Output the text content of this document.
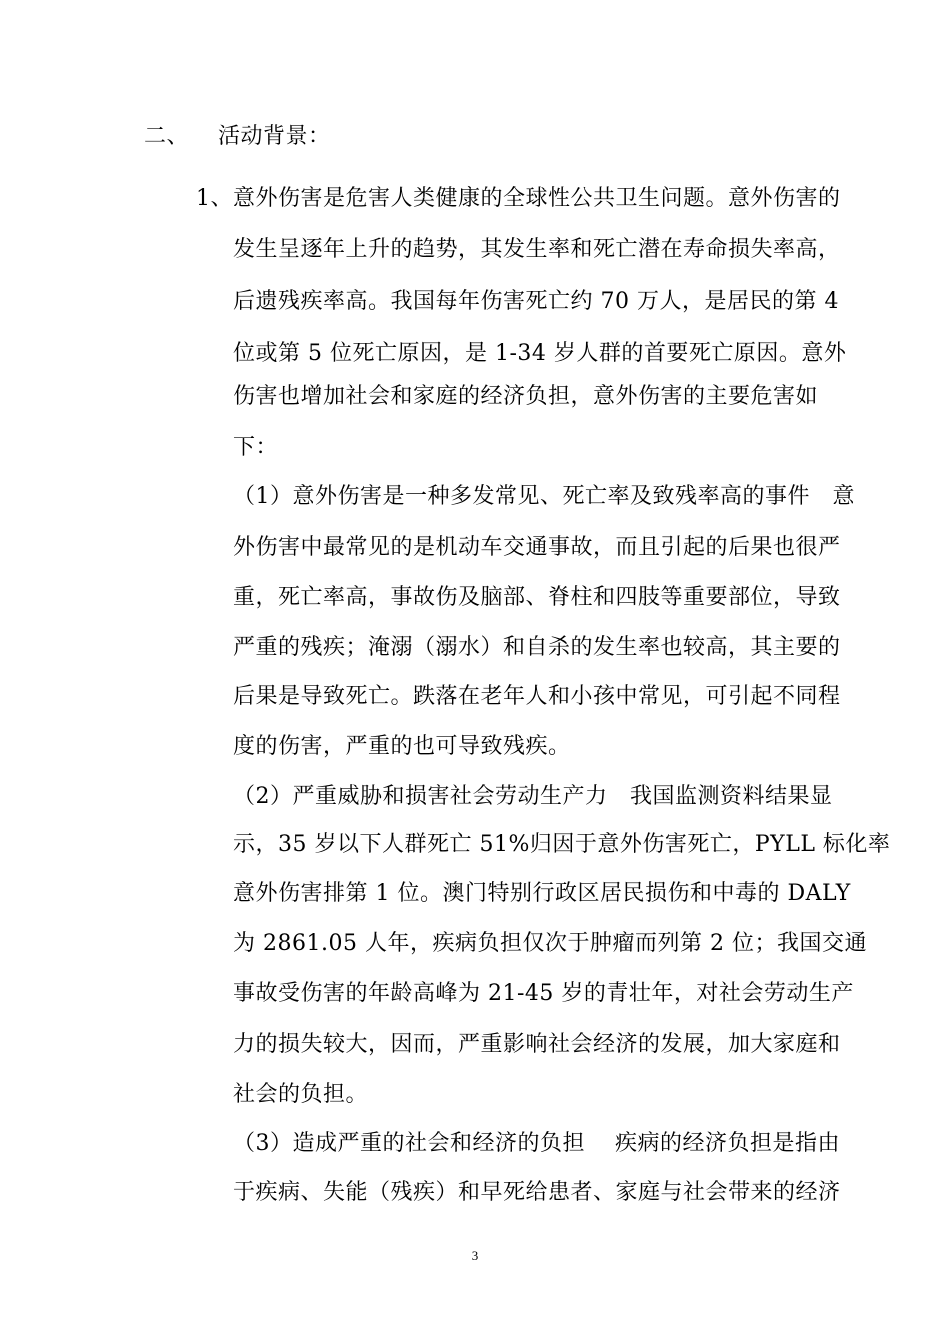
二、 活动背景：
1、 意外伤害是危害人类健康的全球性公共卫生问题。意外伤害的
发生呈逐年上升的趋势，其发生率和死亡潜在寿命损失率高，
后遗残疾率高。我国每年伤害死亡约 70 万人，是居民的第 4
位或第 5 位死亡原因，是 1-34 岁人群的首要死亡原因。意外
伤害也增加社会和家庭的经济负担，意外伤害的主要危害如
下：
（1）意外伤害是一种多发常见、死亡率及致残率高的事件   意
外伤害中最常见的是机动车交通事故，而且引起的后果也很严
重，死亡率高，事故伤及脑部、脊柱和四肢等重要部位，导致
严重的残疾；淹溺（溺水）和自杀的发生率也较高，其主要的
后果是导致死亡。跌落在老年人和小孩中常见，可引起不同程
度的伤害，严重的也可导致残疾。
（2）严重威胁和损害社会劳动生产力   我国监测资料结果显
示，35 岁以下人群死亡 51%归因于意外伤害死亡，PYLL 标化率
意外伤害排第 1 位。澳门特别行政区居民损伤和中毒的 DALY
为 2861.05 人年，疾病负担仅次于肿瘤而列第 2 位；我国交通
事故受伤害的年龄高峰为 21-45 岁的青壮年，对社会劳动生产
力的损失较大，因而，严重影响社会经济的发展，加大家庭和
社会的负担。
（3）造成严重的社会和经济的负担    疾病的经济负担是指由
于疾病、失能（残疾）和早死给患者、家庭与社会带来的经济
3
